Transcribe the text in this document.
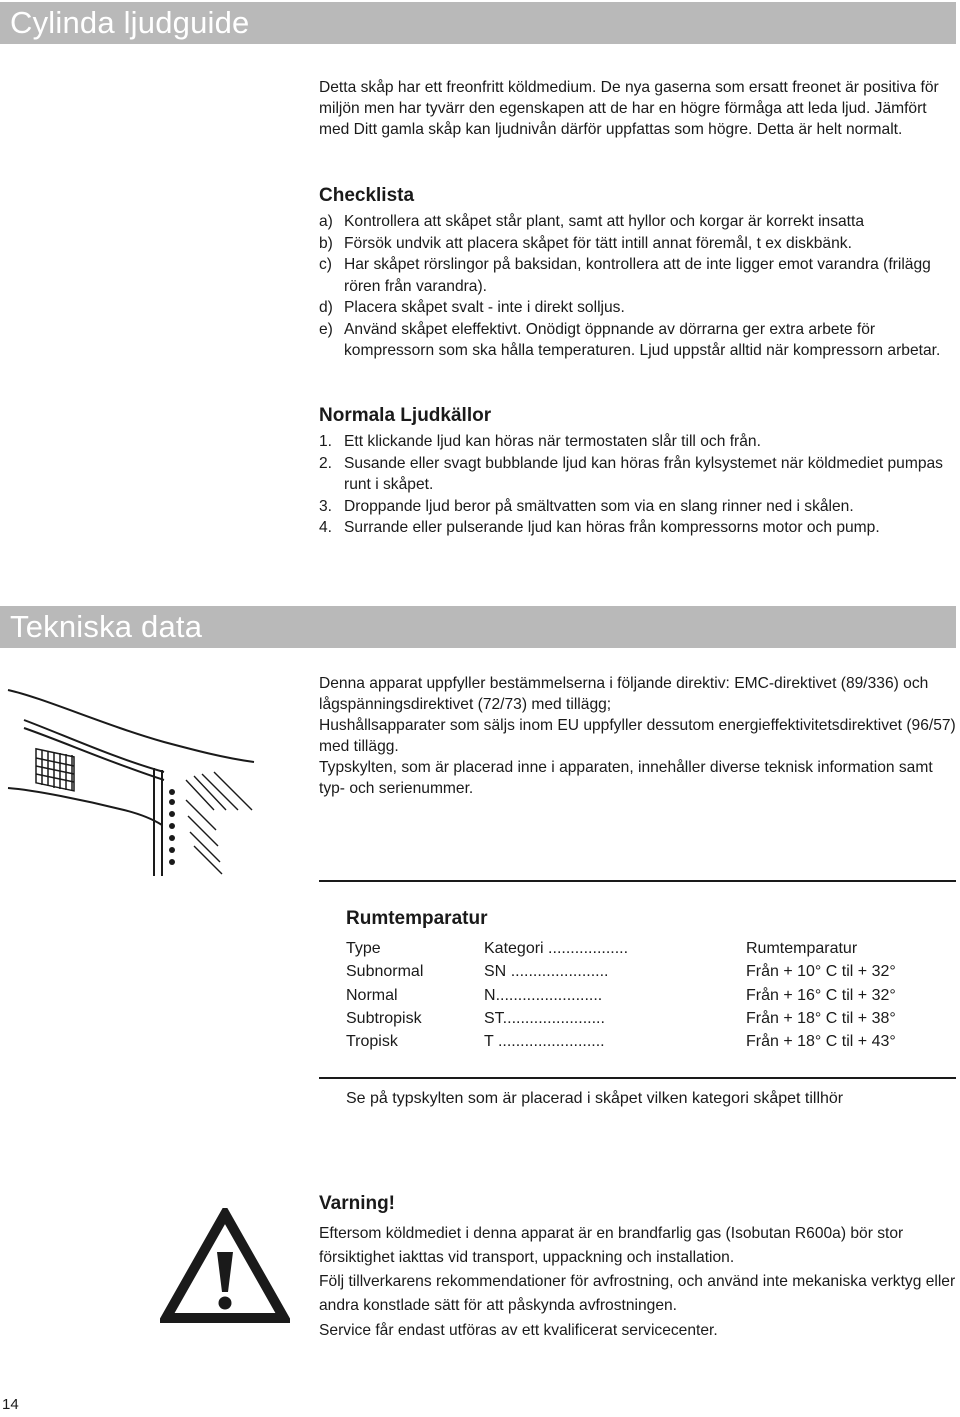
Cylinda ljudguide

Detta skåp har ett freonfritt köldmedium. De nya gaserna som ersatt freonet är positiva för miljön men har tyvärr den egenskapen att de har en högre förmåga att leda ljud. Jämfört med Ditt gamla skåp kan ljudnivån därför uppfattas som högre. Detta är helt normalt.

Checklista
a) Kontrollera att skåpet står plant, samt att hyllor och korgar är korrekt insatta
b) Försök undvik att placera skåpet för tätt intill annat föremål, t ex diskbänk.
c) Har skåpet rörslingor på baksidan, kontrollera att de inte ligger emot varandra (frilägg rören från varandra).
d) Placera skåpet svalt - inte i direkt solljus.
e) Använd skåpet eleffektivt. Onödigt öppnande av dörrarna ger extra arbete för kompressorn som ska hålla temperaturen. Ljud uppstår alltid när kompressorn arbetar.
Normala Ljudkällor
1. Ett klickande ljud kan höras när termostaten slår till och från.
2. Susande eller svagt bubblande ljud kan höras från kylsystemet när köldmediet pumpas runt i skåpet.
3. Droppande ljud beror på smältvatten som via en slang rinner ned i skålen.
4. Surrande eller pulserande ljud kan höras från kompressorns motor och pump.
Tekniska data

Denna apparat uppfyller bestämmelserna i följande direktiv: EMC-direktivet (89/336) och lågspänningsdirektivet (72/73) med tillägg;

Hushållsapparater som säljs inom EU uppfyller dessutom energieffektivitetsdirektivet (96/57) med tillägg.

Typskylten, som är placerad inne i apparaten, innehåller diverse teknisk information samt typ- och serienummer.

Rumtemparatur
Type	Kategori ..................	Rumtemparatur
Subnormal	SN ......................	Från + 10° C til + 32°
Normal	N........................	Från + 16° C til + 32°
Subtropisk	ST.......................	Från + 18° C til + 38°
Tropisk	T ........................	Från + 18° C til + 43°

Se på typskylten som är placerad i skåpet vilken kategori skåpet tillhör

Varning!

Eftersom köldmediet i denna apparat är en brandfarlig gas (Isobutan R600a) bör stor försiktighet iakttas vid transport, uppackning och installation.

Följ tillverkarens rekommendationer för avfrostning, och använd inte mekaniska verktyg eller andra konstlade sätt för att påskynda avfrostningen.

Service får endast utföras av ett kvalificerat servicecenter.

14
